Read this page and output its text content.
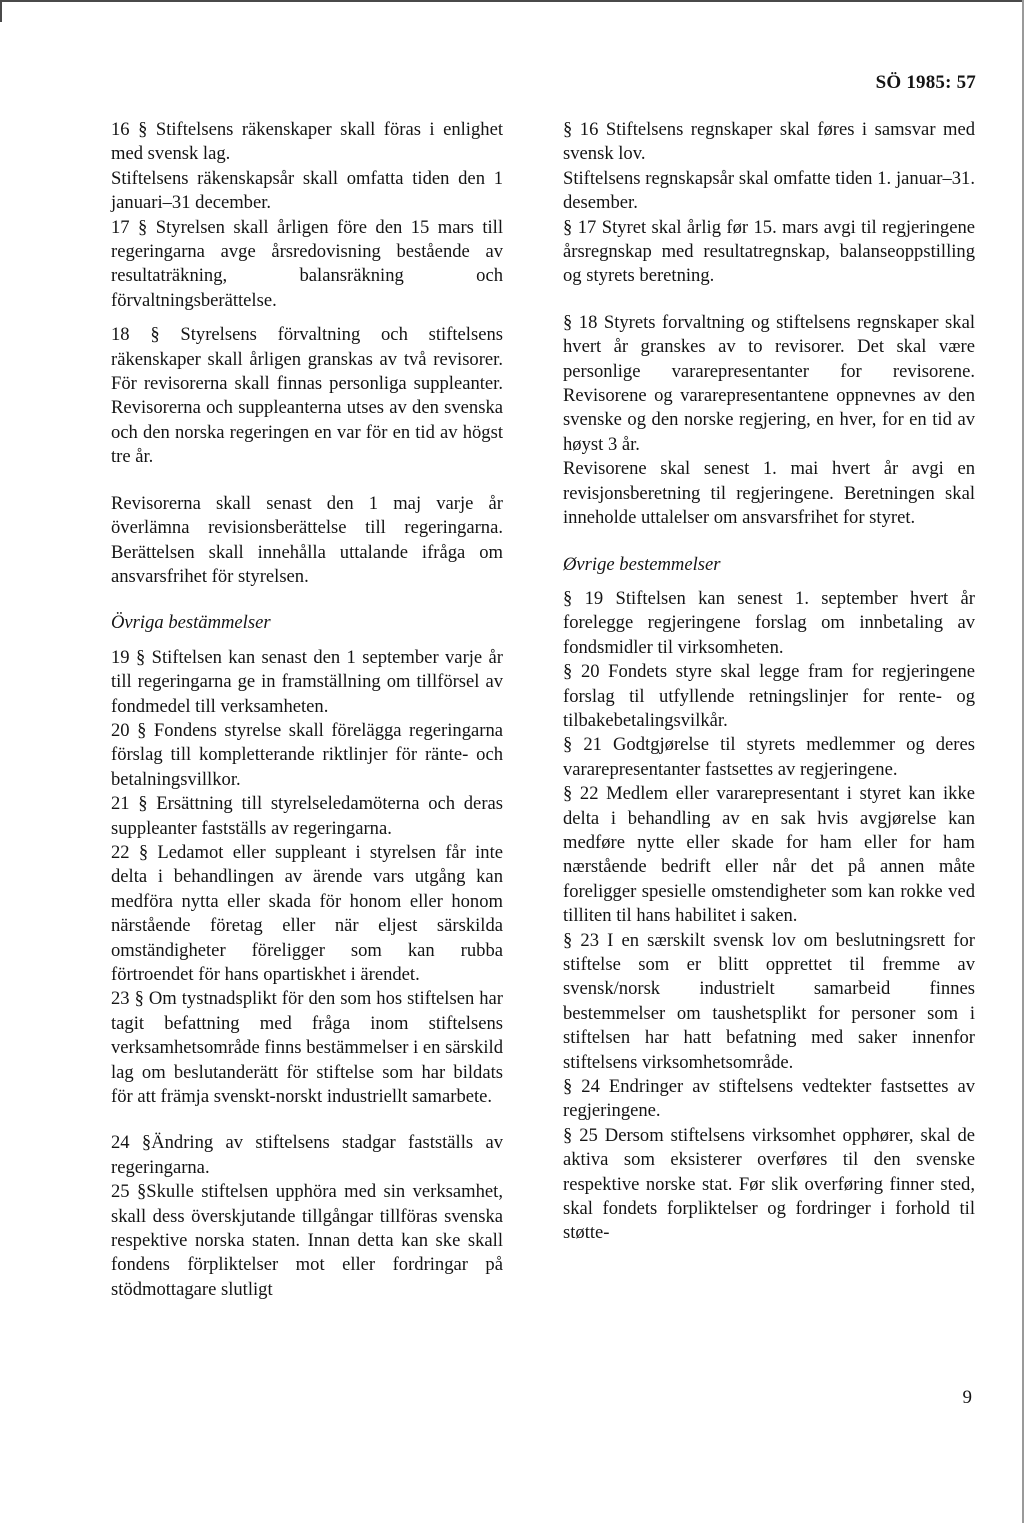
SÖ 1985: 57

16 § Stiftelsens räkenskaper skall föras i enlighet med svensk lag.

Stiftelsens räkenskapsår skall omfatta tiden den 1 januari–31 december.

17 § Styrelsen skall årligen före den 15 mars till regeringarna avge årsredovisning bestående av resultaträkning, balansräkning och förvaltningsberättelse.

18 § Styrelsens förvaltning och stiftelsens räkenskaper skall årligen granskas av två revisorer. För revisorerna skall finnas personliga suppleanter. Revisorerna och suppleanterna utses av den svenska och den norska regeringen en var för en tid av högst tre år.

Revisorerna skall senast den 1 maj varje år överlämna revisionsberättelse till regeringarna. Berättelsen skall innehålla uttalande ifråga om ansvarsfrihet för styrelsen.

Övriga bestämmelser

19 § Stiftelsen kan senast den 1 september varje år till regeringarna ge in framställning om tillförsel av fondmedel till verksamheten.

20 § Fondens styrelse skall förelägga regeringarna förslag till kompletterande riktlinjer för ränte- och betalningsvillkor.

21 § Ersättning till styrelseledamöterna och deras suppleanter fastställs av regeringarna.

22 § Ledamot eller suppleant i styrelsen får inte delta i behandlingen av ärende vars utgång kan medföra nytta eller skada för honom eller honom närstående företag eller när eljest särskilda omständigheter föreligger som kan rubba förtroendet för hans opartiskhet i ärendet.

23 § Om tystnadsplikt för den som hos stiftelsen har tagit befattning med fråga inom stiftelsens verksamhetsområde finns bestämmelser i en särskild lag om beslutanderätt för stiftelse som har bildats för att främja svenskt-norskt industriellt samarbete.

24 §Ändring av stiftelsens stadgar fastställs av regeringarna.

25 §Skulle stiftelsen upphöra med sin verksamhet, skall dess överskjutande tillgångar tillföras svenska respektive norska staten. Innan detta kan ske skall fondens förpliktelser mot eller fordringar på stödmottagare slutligt

§ 16 Stiftelsens regnskaper skal føres i samsvar med svensk lov.

Stiftelsens regnskapsår skal omfatte tiden 1. januar–31. desember.

§ 17 Styret skal årlig før 15. mars avgi til regjeringene årsregnskap med resultatregnskap, balanseoppstilling og styrets beretning.

§ 18 Styrets forvaltning og stiftelsens regnskaper skal hvert år granskes av to revisorer. Det skal være personlige vararepresentanter for revisorene. Revisorene og vararepresentantene oppnevnes av den svenske og den norske regjering, en hver, for en tid av høyst 3 år.

Revisorene skal senest 1. mai hvert år avgi en revisjonsberetning til regjeringene. Beretningen skal inneholde uttalelser om ansvarsfrihet for styret.

Øvrige bestemmelser

§ 19 Stiftelsen kan senest 1. september hvert år forelegge regjeringene forslag om innbetaling av fondsmidler til virksomheten.

§ 20 Fondets styre skal legge fram for regjeringene forslag til utfyllende retningslinjer for rente- og tilbakebetalingsvilkår.

§ 21 Godtgjørelse til styrets medlemmer og deres vararepresentanter fastsettes av regjeringene.

§ 22 Medlem eller vararepresentant i styret kan ikke delta i behandling av en sak hvis avgjørelse kan medføre nytte eller skade for ham eller for ham nærstående bedrift eller når det på annen måte foreligger spesielle omstendigheter som kan rokke ved tilliten til hans habilitet i saken.

§ 23 I en særskilt svensk lov om beslutningsrett for stiftelse som er blitt opprettet til fremme av svensk/norsk industrielt samarbeid finnes bestemmelser om taushetsplikt for personer som i stiftelsen har hatt befatning med saker innenfor stiftelsens virksomhetsområde.

§ 24 Endringer av stiftelsens vedtekter fastsettes av regjeringene.

§ 25 Dersom stiftelsens virksomhet opphører, skal de aktiva som eksisterer overføres til den svenske respektive norske stat. Før slik overføring finner sted, skal fondets forpliktelser og fordringer i forhold til støtte-

9
